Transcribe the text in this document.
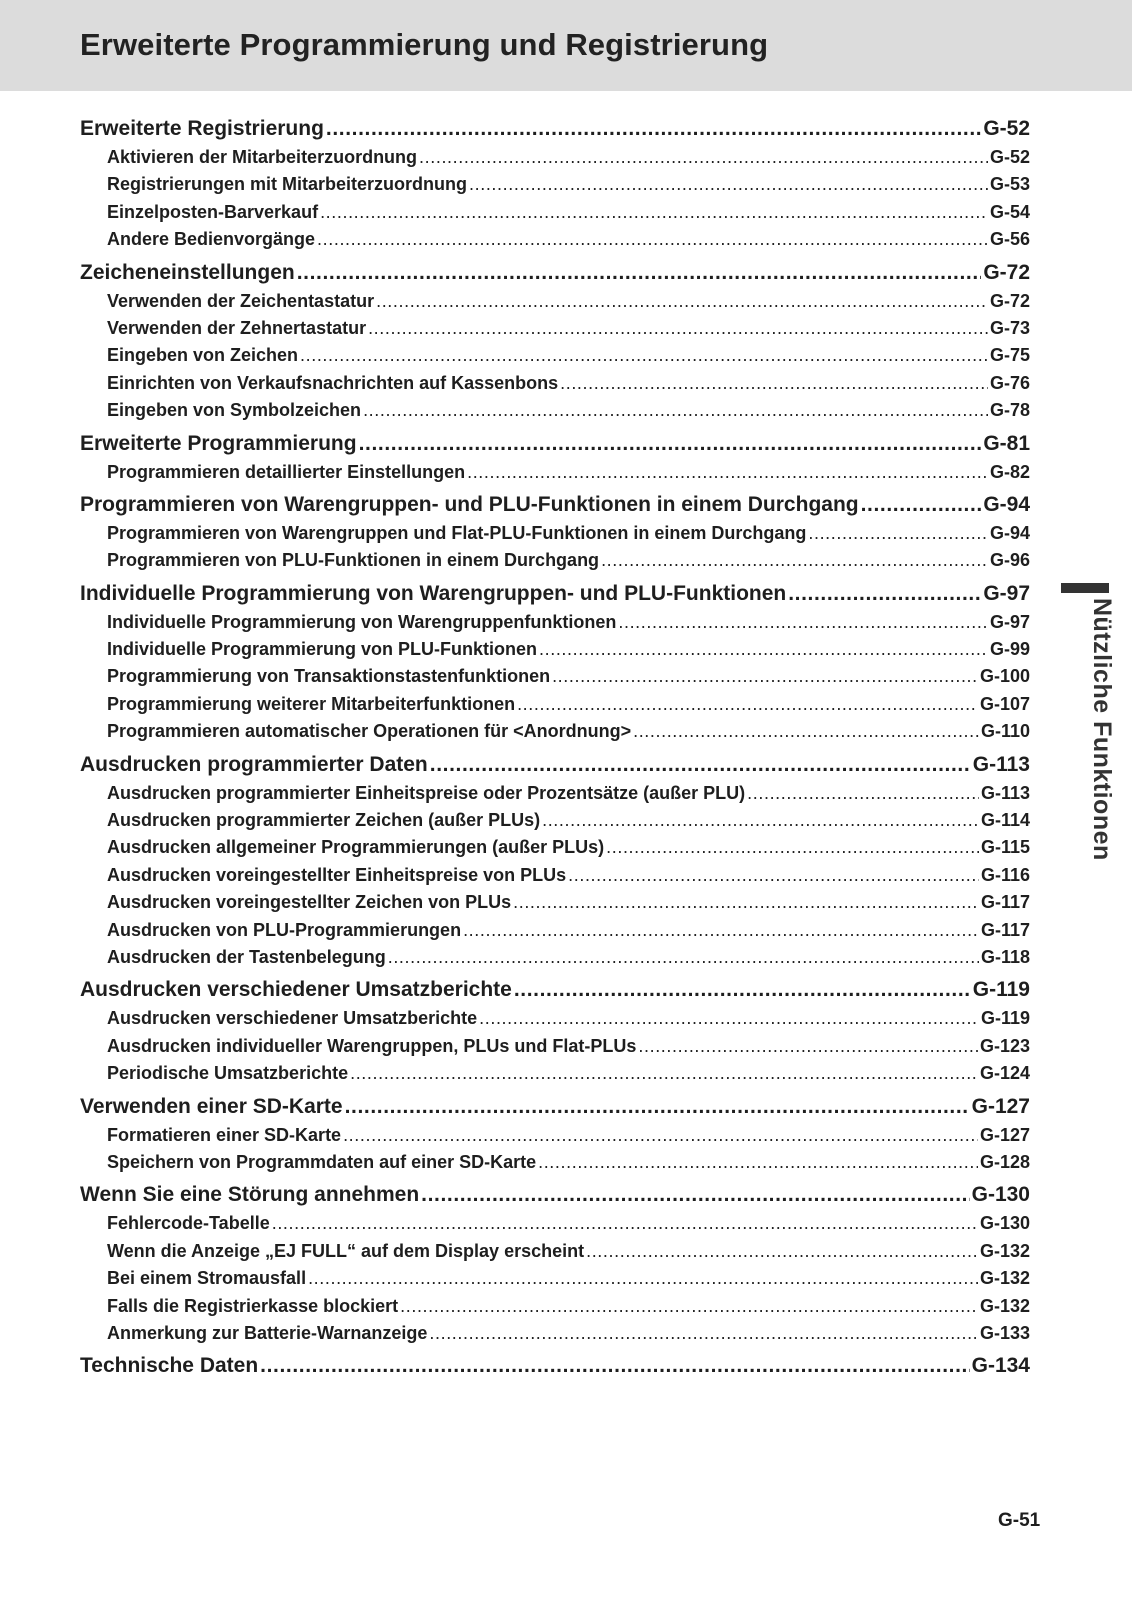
Erweiterte Programmierung und Registrierung
Erweiterte Registrierung .....	G-52
Aktivieren der Mitarbeiterzuordnung .....	G-52
Registrierungen mit Mitarbeiterzuordnung .....	G-53
Einzelposten-Barverkauf .....	G-54
Andere Bedienvorgänge .....	G-56
Zeicheneinstellungen .....	G-72
Verwenden der Zeichentastatur .....	G-72
Verwenden der Zehnertastatur .....	G-73
Eingeben von Zeichen .....	G-75
Einrichten von Verkaufsnachrichten auf Kassenbons .....	G-76
Eingeben von Symbolzeichen .....	G-78
Erweiterte Programmierung .....	G-81
Programmieren detaillierter Einstellungen .....	G-82
Programmieren von Warengruppen- und PLU-Funktionen in einem Durchgang .....	G-94
Programmieren von Warengruppen und Flat-PLU-Funktionen in einem Durchgang .....	G-94
Programmieren von PLU-Funktionen in einem Durchgang .....	G-96
Individuelle Programmierung von Warengruppen- und PLU-Funktionen .....	G-97
Individuelle Programmierung von Warengruppenfunktionen .....	G-97
Individuelle Programmierung von PLU-Funktionen .....	G-99
Programmierung von Transaktionstastenfunktionen .....	G-100
Programmierung weiterer Mitarbeiterfunktionen .....	G-107
Programmieren automatischer Operationen für <Anordnung> .....	G-110
Ausdrucken programmierter Daten .....	G-113
Ausdrucken programmierter Einheitspreise oder Prozentsätze (außer PLU) .....	G-113
Ausdrucken programmierter Zeichen (außer PLUs) .....	G-114
Ausdrucken allgemeiner Programmierungen (außer PLUs) .....	G-115
Ausdrucken voreingestellter Einheitspreise von PLUs .....	G-116
Ausdrucken voreingestellter Zeichen von PLUs .....	G-117
Ausdrucken von PLU-Programmierungen .....	G-117
Ausdrucken der Tastenbelegung .....	G-118
Ausdrucken verschiedener Umsatzberichte .....	G-119
Ausdrucken verschiedener Umsatzberichte .....	G-119
Ausdrucken individueller Warengruppen, PLUs und Flat-PLUs .....	G-123
Periodische Umsatzberichte .....	G-124
Verwenden einer SD-Karte .....	G-127
Formatieren einer SD-Karte .....	G-127
Speichern von Programmdaten auf einer SD-Karte .....	G-128
Wenn Sie eine Störung annehmen .....	G-130
Fehlercode-Tabelle .....	G-130
Wenn die Anzeige „EJ FULL“ auf dem Display erscheint .....	G-132
Bei einem Stromausfall .....	G-132
Falls die Registrierkasse blockiert .....	G-132
Anmerkung zur Batterie-Warnanzeige .....	G-133
Technische Daten .....	G-134
Nützliche Funktionen
G-51
